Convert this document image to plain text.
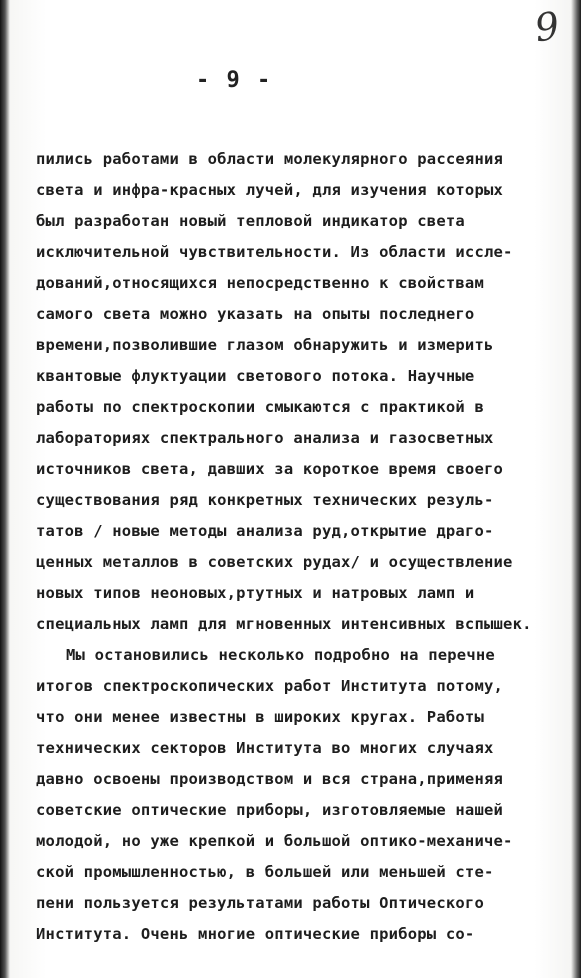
9
- 9 -
пились работами в области молекулярного рассеяния
света и инфра-красных лучей, для изучения которых
был разработан новый тепловой индикатор света
исключительной чувствительности. Из области иссле-
дований,относящихся непосредственно к свойствам
самого света можно указать на опыты последнего
времени,позволившие глазом обнаружить и измерить
квантовые флуктуации светового потока. Научные
работы по спектроскопии смыкаются с практикой в
лабораториях спектрального анализа и газосветных
источников света, давших за короткое время своего
существования ряд конкретных технических резуль-
татов / новые методы анализа руд,открытие драго-
ценных металлов в советских рудах/ и осуществление
новых типов неоновых,ртутных и натровых ламп и
специальных ламп для мгновенных интенсивных вспышек.
Мы остановились несколько подробно на перечне
итогов спектроскопических работ Института потому,
что они менее известны в широких кругах. Работы
технических секторов Института во многих случаях
давно освоены производством и вся страна,применяя
советские оптические приборы, изготовляемые нашей
молодой, но уже крепкой и большой оптико-механиче-
ской промышленностью, в большей или меньшей сте-
пени пользуется результатами работы Оптического
Института. Очень многие оптические приборы со-
